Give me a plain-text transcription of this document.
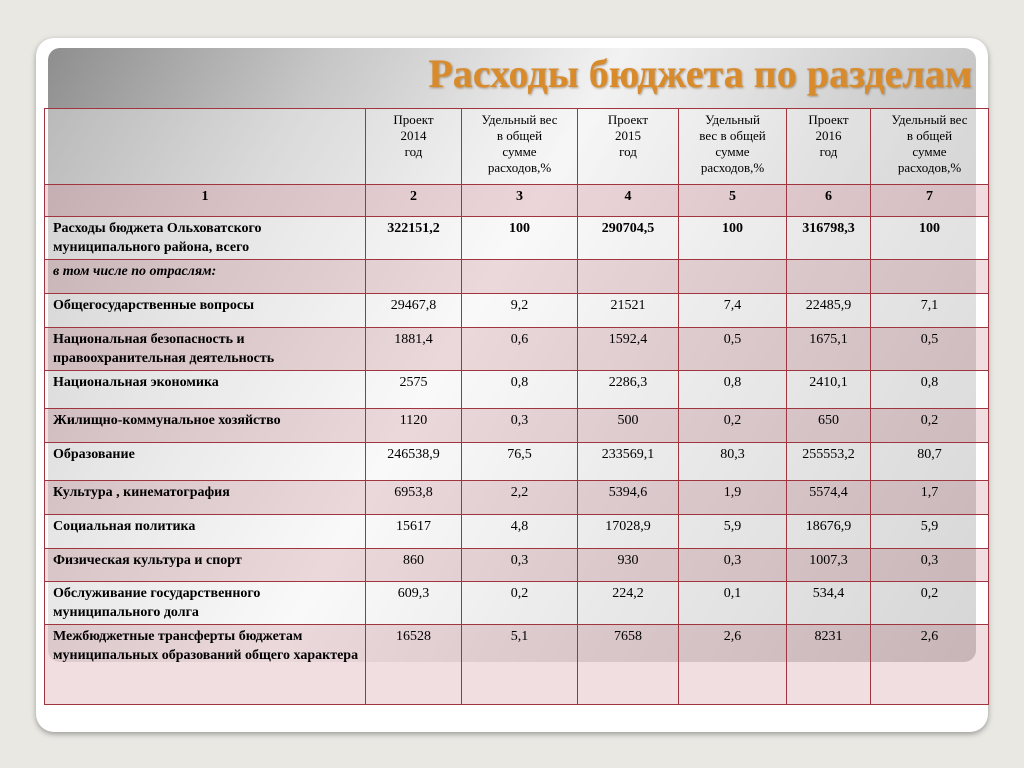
Расходы бюджета по разделам
	Проект
2014
год	Удельный вес
в общей
сумме
расходов,%	Проект
2015
год	Удельный
вес в общей
сумме
расходов,%	Проект
2016
год	Удельный вес
в общей
сумме
расходов,%
1	2	3	4	5	6	7
Расходы бюджета Ольховатского муниципального района, всего	322151,2	100	290704,5	100	316798,3	100
в том числе по отраслям:						
Общегосударственные вопросы	29467,8	9,2	21521	7,4	22485,9	7,1
Национальная безопасность и правоохранительная деятельность	1881,4	0,6	1592,4	0,5	1675,1	0,5
Национальная экономика	2575	0,8	2286,3	0,8	2410,1	0,8
Жилищно-коммунальное хозяйство	1120	0,3	500	0,2	650	0,2
Образование	246538,9	76,5	233569,1	80,3	255553,2	80,7
Культура , кинематография	6953,8	2,2	5394,6	1,9	5574,4	1,7
Социальная политика	15617	4,8	17028,9	5,9	18676,9	5,9
Физическая культура и спорт	860	0,3	930	0,3	1007,3	0,3
Обслуживание государственного муниципального долга	609,3	0,2	224,2	0,1	534,4	0,2
Межбюджетные трансферты бюджетам муниципальных образований общего характера	16528	5,1	7658	2,6	8231	2,6
